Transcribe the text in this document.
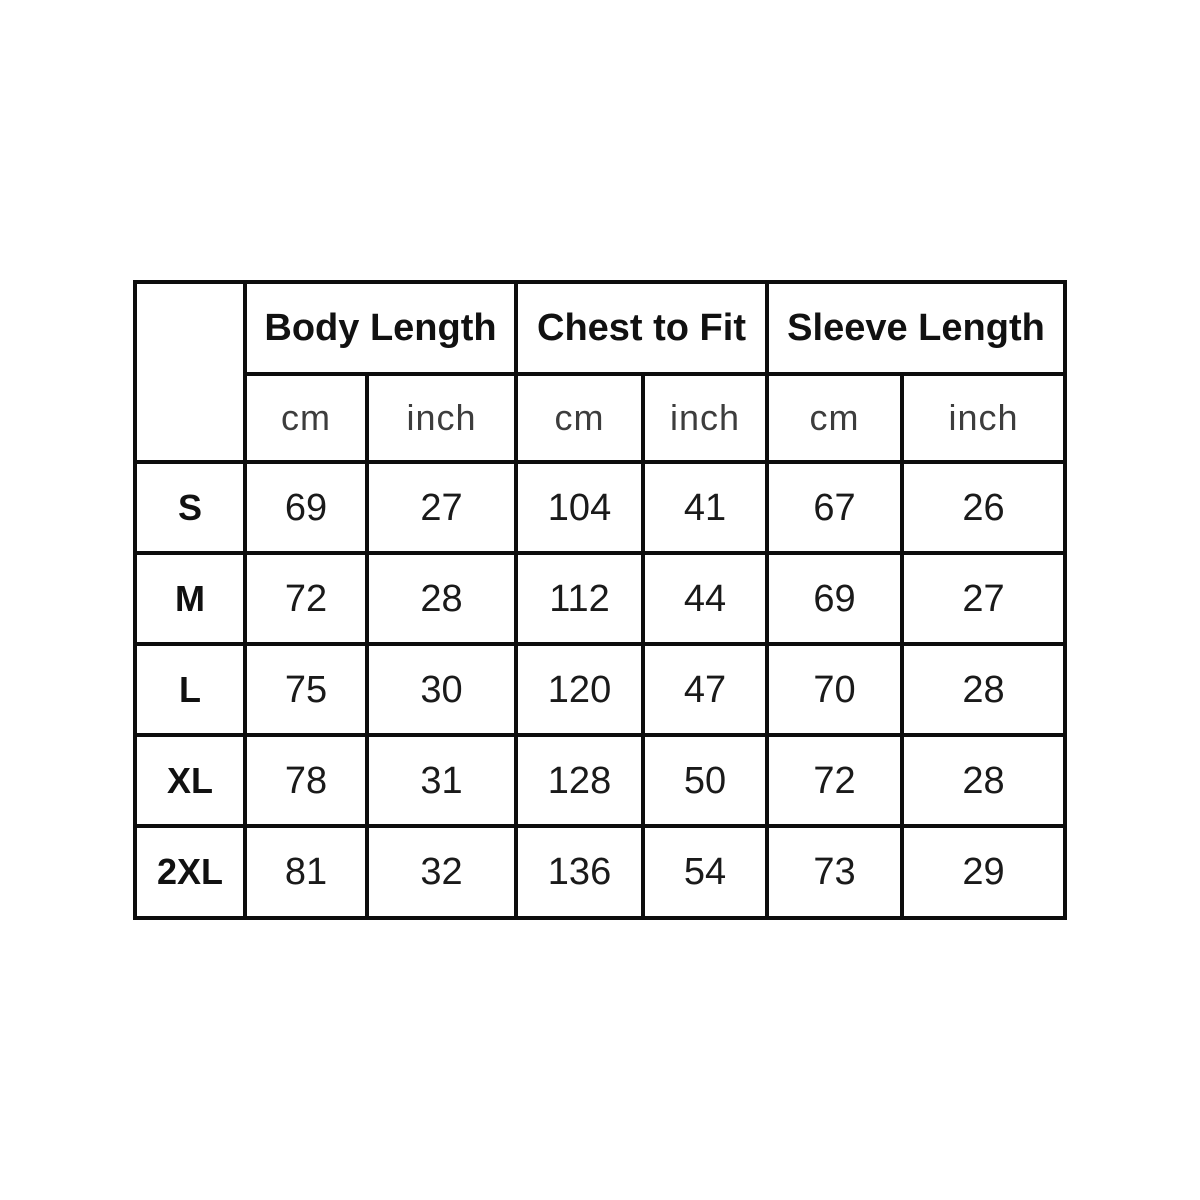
	Body Length		Chest to Fit		Sleeve Length	
	cm	inch	cm	inch	cm	inch
S	69	27	104	41	67	26
M	72	28	112	44	69	27
L	75	30	120	47	70	28
XL	78	31	128	50	72	28
2XL	81	32	136	54	73	29
